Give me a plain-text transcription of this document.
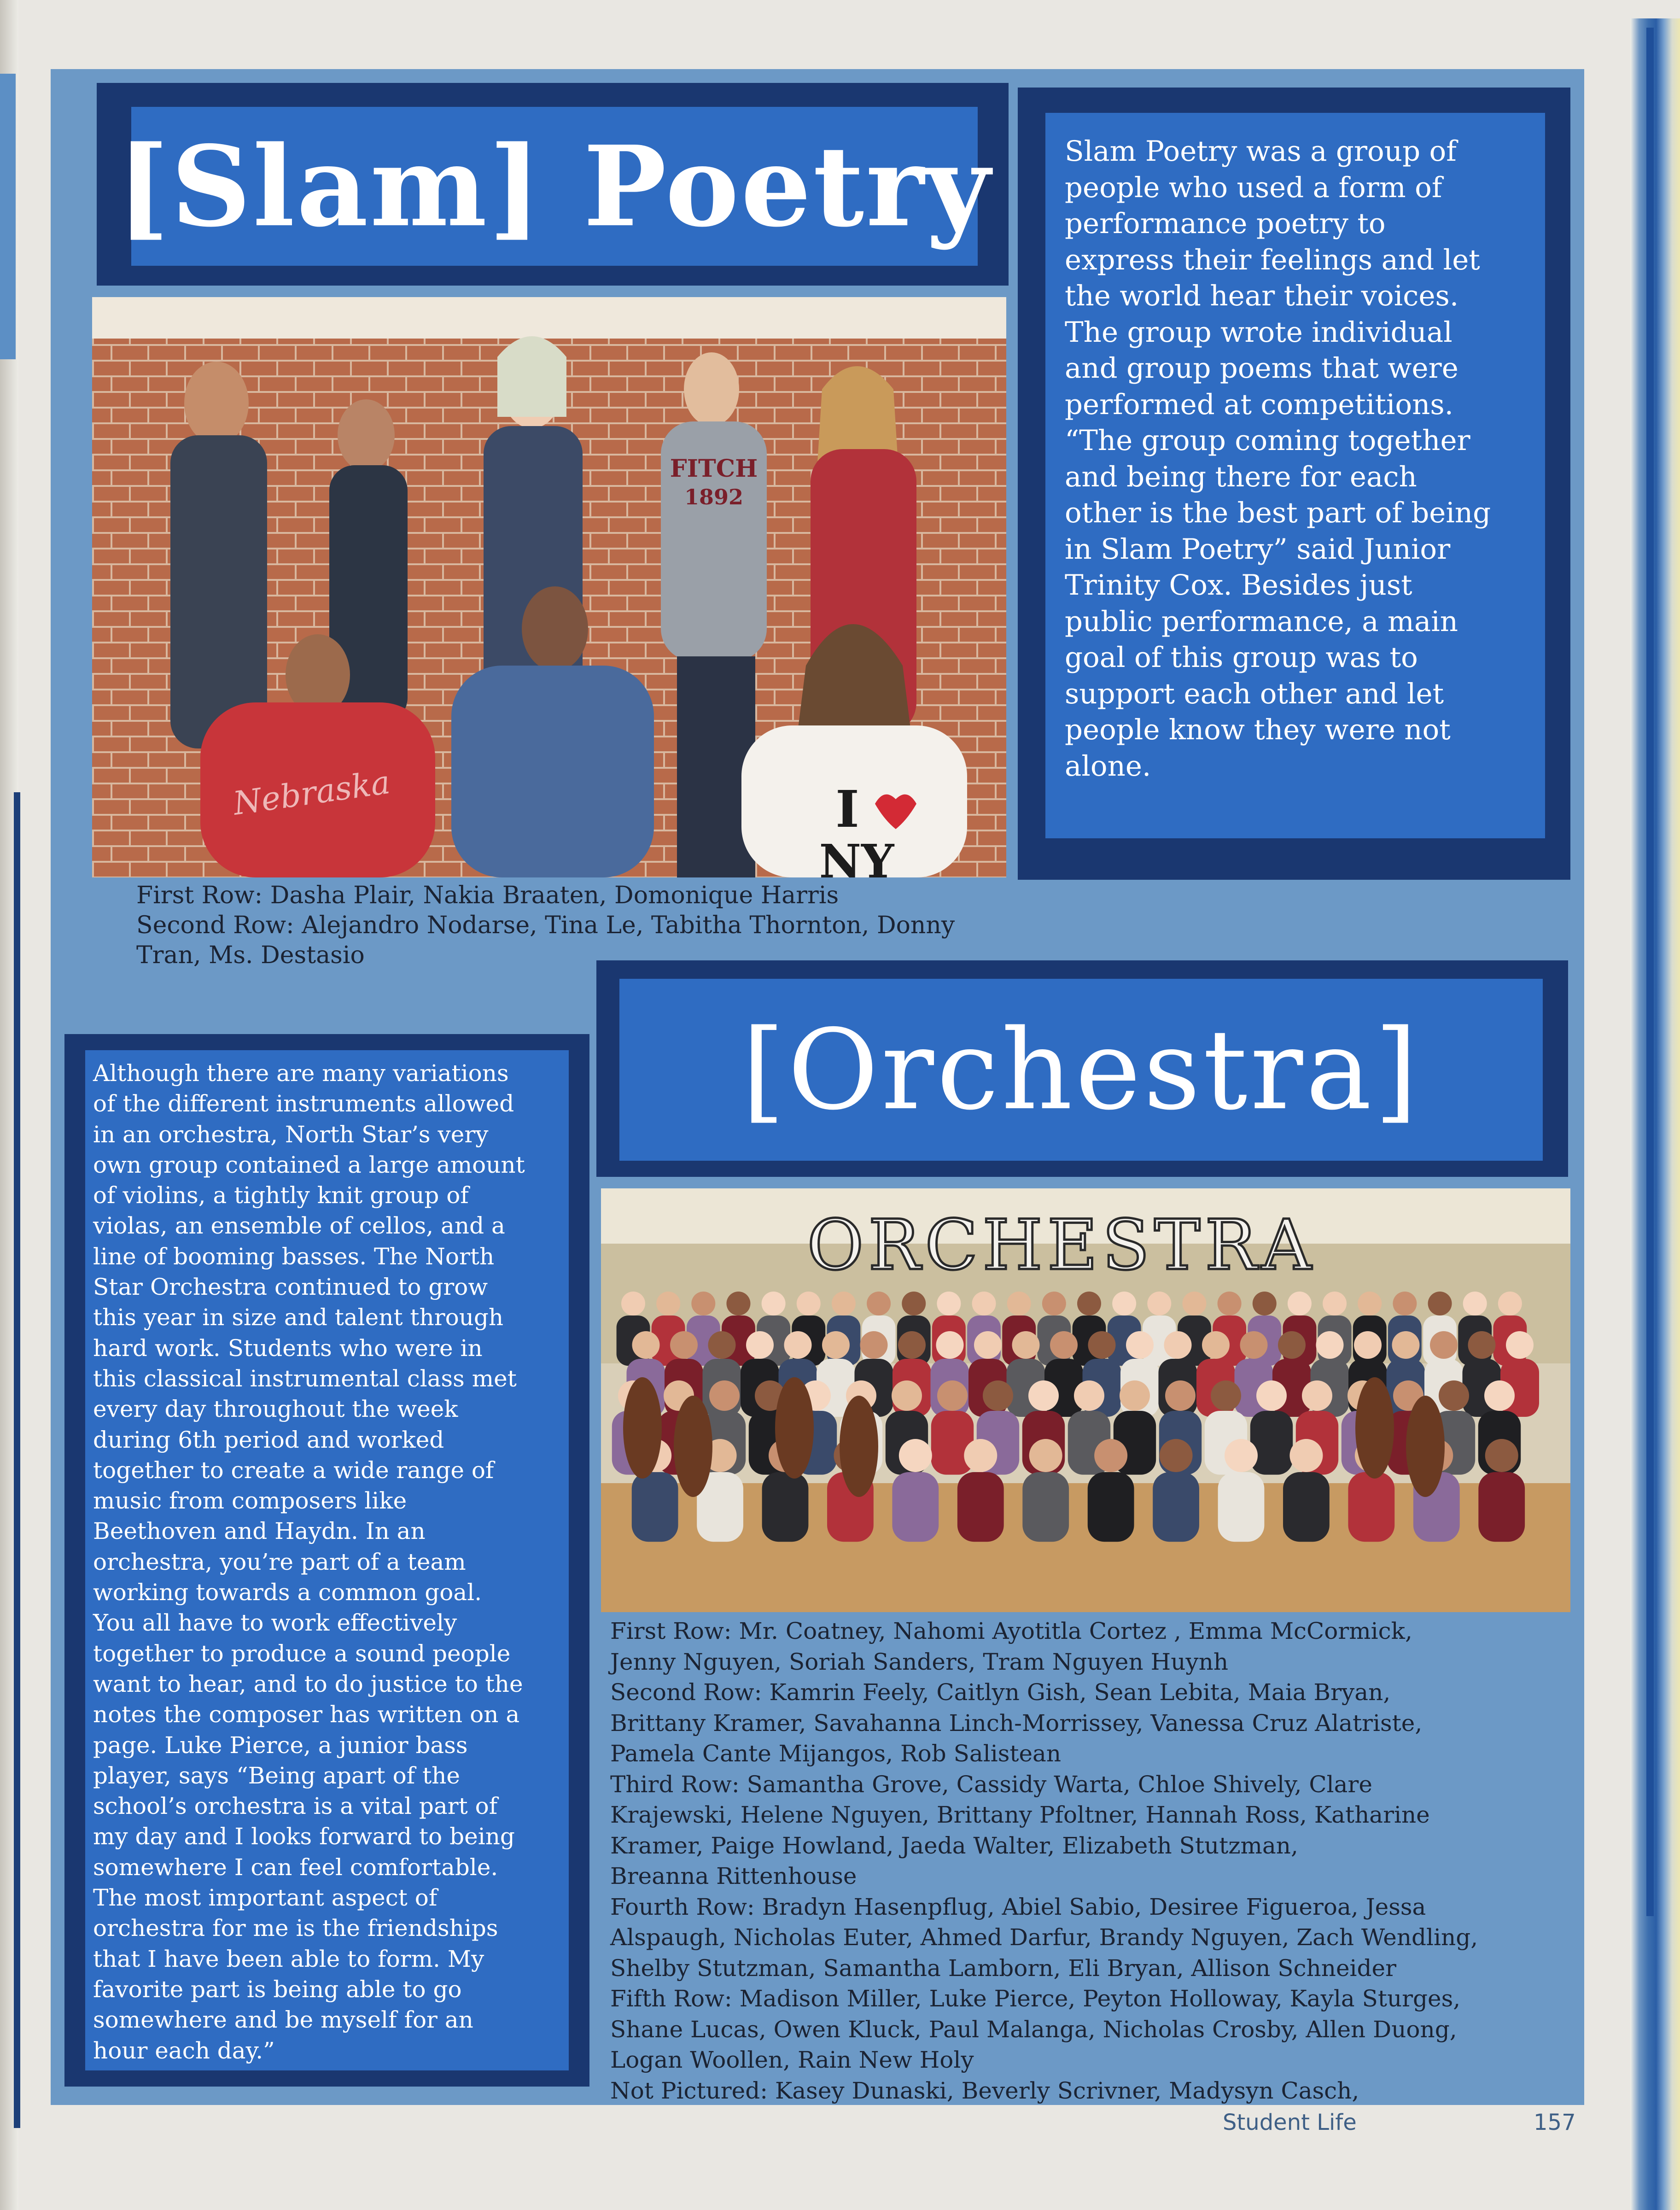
[Slam] Poetry	Slam Poetry was a group of
people who used a form of
performance poetry to
express their feelings and let
the world hear their voices.
The group wrote individual
and group poems that were
performed at competitions.
“The group coming together
and being there for each
other is the best part of being
in Slam Poetry” said Junior
Trinity Cox. Besides just
public performance, a main
goal of this group was to
support each other and let
people know they were not
alone.
FITCH
1892
Nebraska	I
NY
First Row: Dasha Plair, Nakia Braaten, Domonique Harris
Second Row: Alejandro Nodarse, Tina Le, Tabitha Thornton, Donny
Tran, Ms. Destasio
[Orchestra]
Although there are many variations
of the different instruments allowed
in an orchestra, North Star’s very
own group contained a large amount
of violins, a tightly knit group of
violas, an ensemble of cellos, and a
line of booming basses. The North
Star Orchestra continued to grow
this year in size and talent through
hard work. Students who were in
this classical instrumental class met
every day throughout the week
during 6th period and worked
together to create a wide range of
music from composers like
Beethoven and Haydn. In an
orchestra, you’re part of a team
working towards a common goal.
You all have to work effectively
together to produce a sound people
want to hear, and to do justice to the
notes the composer has written on a
page. Luke Pierce, a junior bass
player, says “Being apart of the
school’s orchestra is a vital part of
my day and I looks forward to being
somewhere I can feel comfortable.
The most important aspect of
orchestra for me is the friendships
that I have been able to form. My
favorite part is being able to go
somewhere and be myself for an
hour each day.”
ORCHESTRA
First Row: Mr. Coatney, Nahomi Ayotitla Cortez , Emma McCormick,
Jenny Nguyen, Soriah Sanders, Tram Nguyen Huynh
Second Row: Kamrin Feely, Caitlyn Gish, Sean Lebita, Maia Bryan,
Brittany Kramer, Savahanna Linch-Morrissey, Vanessa Cruz Alatriste,
Pamela Cante Mijangos, Rob Salistean
Third Row: Samantha Grove, Cassidy Warta, Chloe Shively, Clare
Krajewski, Helene Nguyen, Brittany Pfoltner, Hannah Ross, Katharine
Kramer, Paige Howland, Jaeda Walter, Elizabeth Stutzman,
Breanna Rittenhouse
Fourth Row: Bradyn Hasenpflug, Abiel Sabio, Desiree Figueroa, Jessa
Alspaugh, Nicholas Euter, Ahmed Darfur, Brandy Nguyen, Zach Wendling,
Shelby Stutzman, Samantha Lamborn, Eli Bryan, Allison Schneider
Fifth Row: Madison Miller, Luke Pierce, Peyton Holloway, Kayla Sturges,
Shane Lucas, Owen Kluck, Paul Malanga, Nicholas Crosby, Allen Duong,
Logan Woollen, Rain New Holy
Not Pictured: Kasey Dunaski, Beverly Scrivner, Madysyn Casch,
Student Life	157
